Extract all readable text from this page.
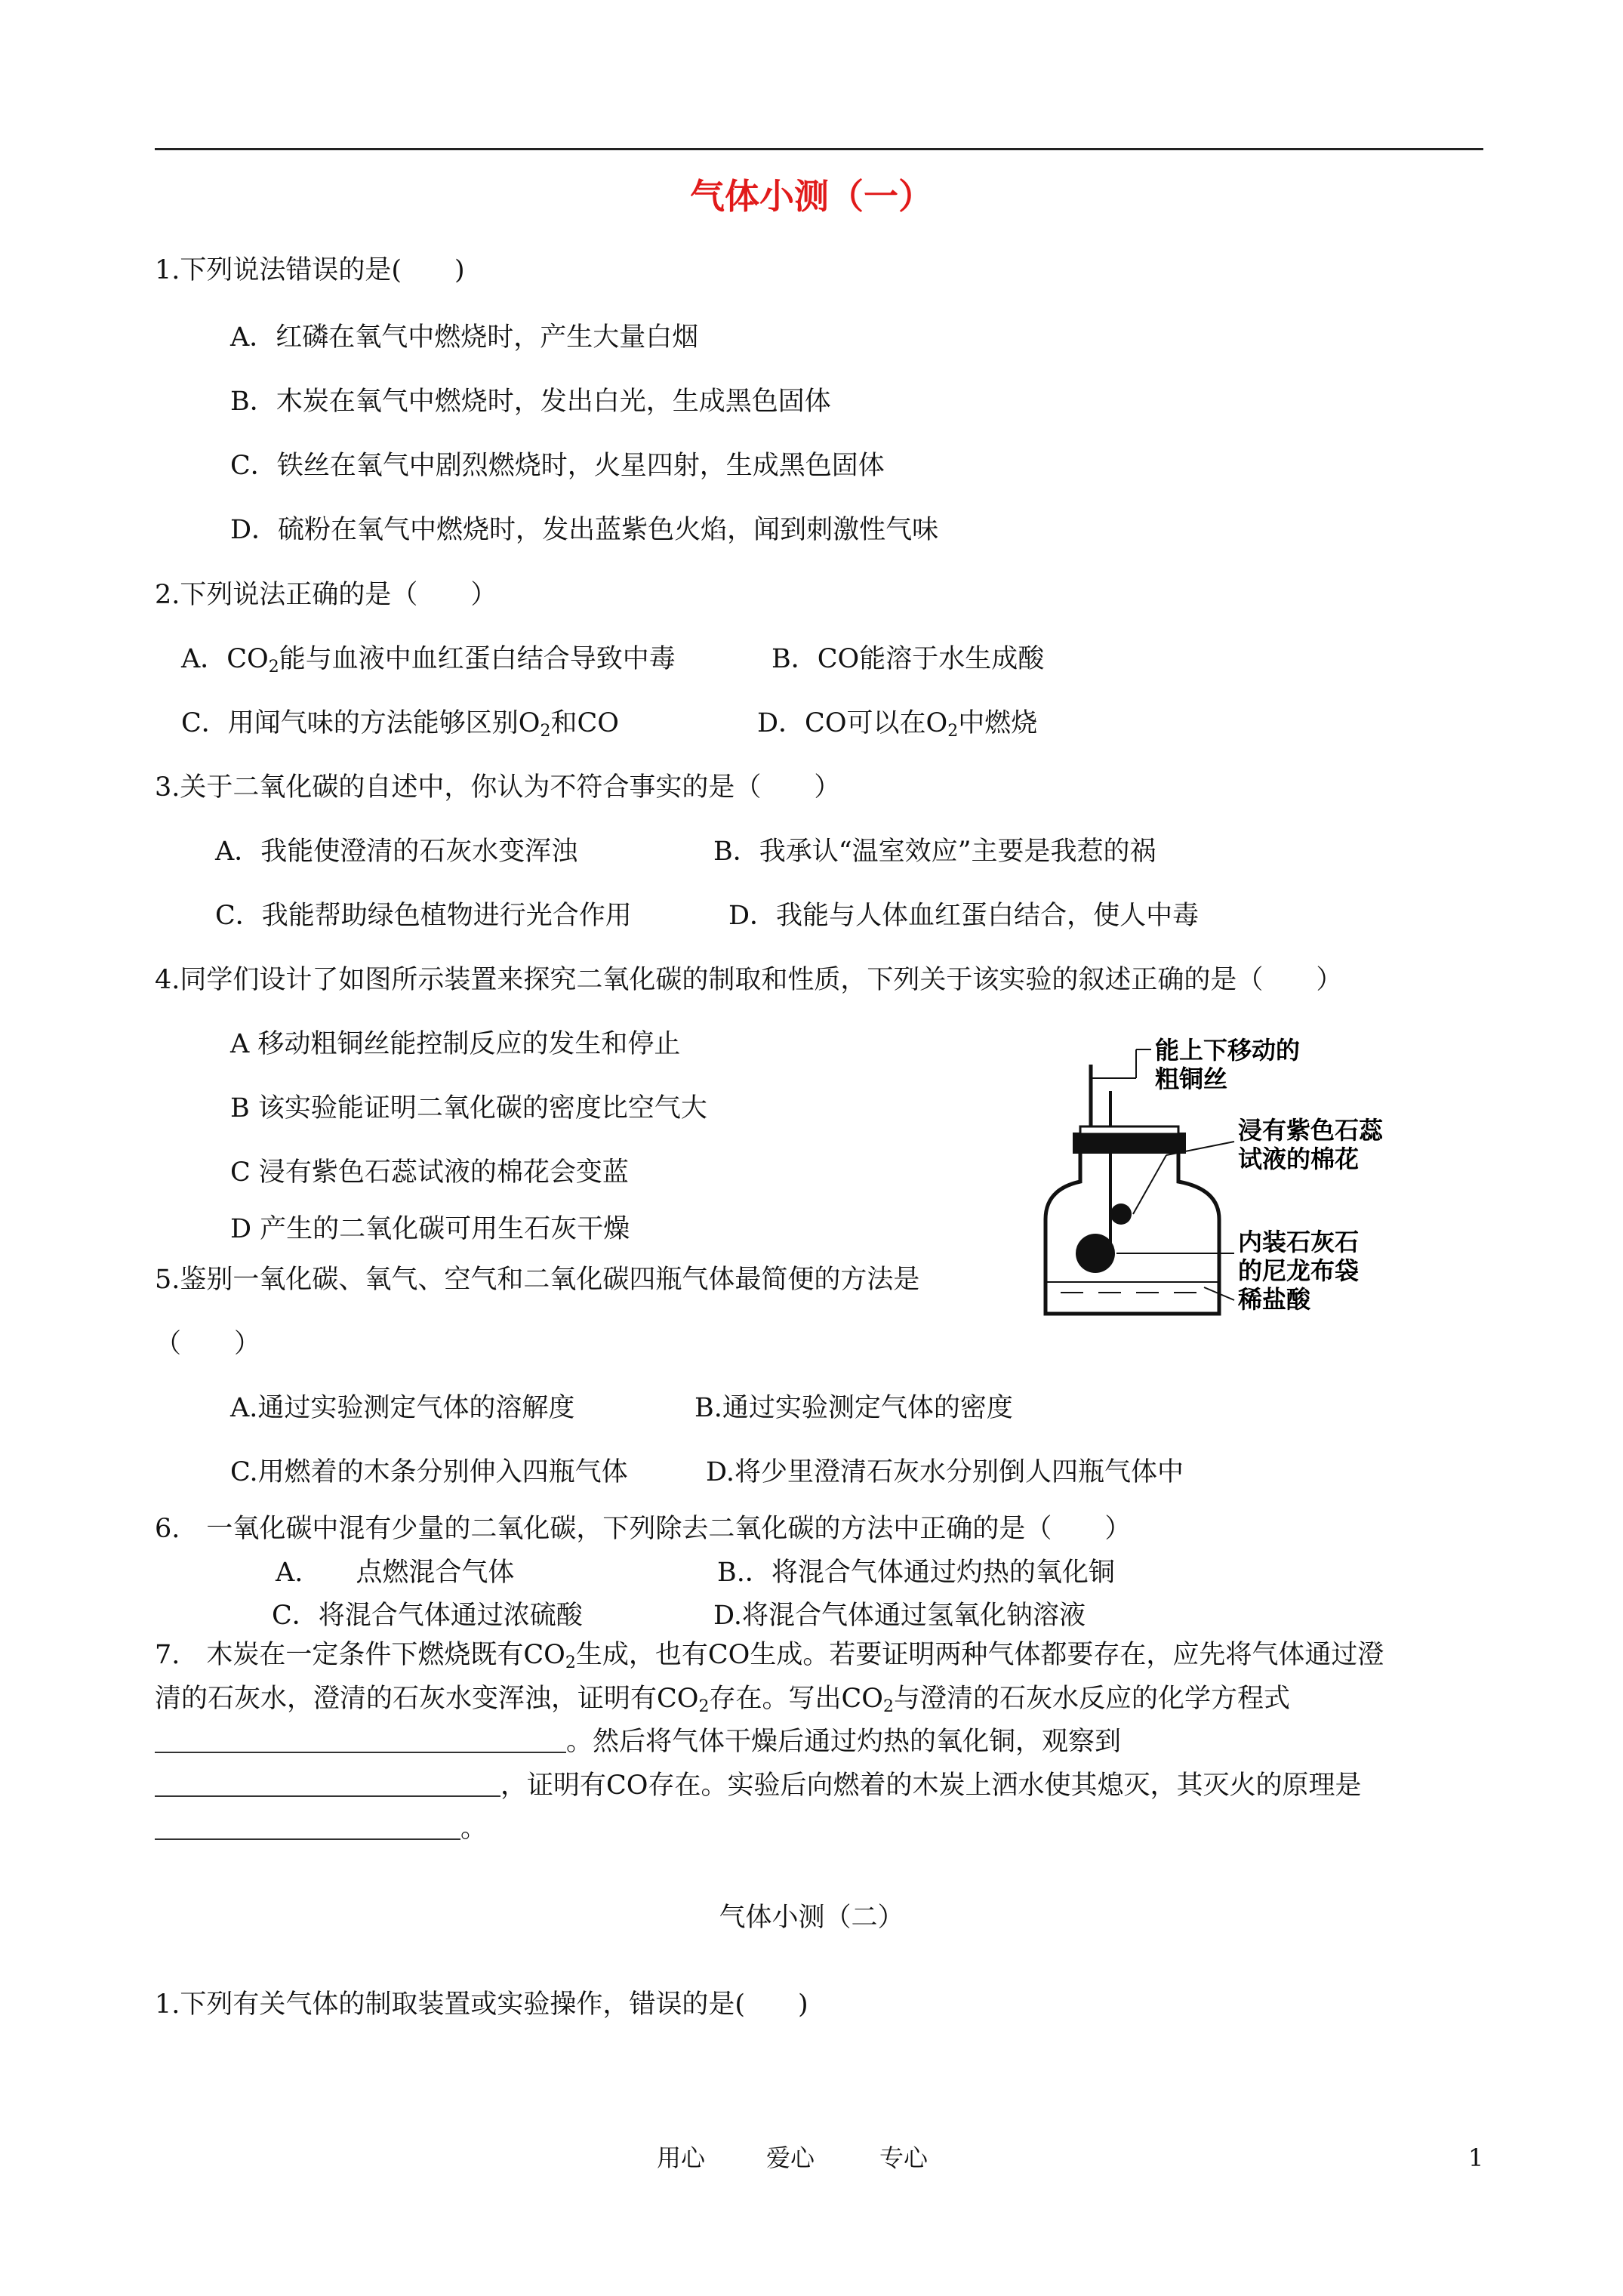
气体小测（一）
1.下列说法错误的是(　　)
A．红磷在氧气中燃烧时，产生大量白烟
B．木炭在氧气中燃烧时，发出白光，生成黑色固体
C．铁丝在氧气中剧烈燃烧时，火星四射，生成黑色固体
D．硫粉在氧气中燃烧时，发出蓝紫色火焰，闻到刺激性气味
2.下列说法正确的是（　　）
A．$CO_2$能与血液中血红蛋白结合导致中毒	B．CO能溶于水生成酸
C．用闻气味的方法能够区别$O_2$和CO	D．CO可以在$O_2$中燃烧
3.关于二氧化碳的自述中，你认为不符合事实的是（　　）
A．我能使澄清的石灰水变浑浊	B．我承认“温室效应”主要是我惹的祸
C．我能帮助绿色植物进行光合作用	D．我能与人体血红蛋白结合，使人中毒
4.同学们设计了如图所示装置来探究二氧化碳的制取和性质，下列关于该实验的叙述正确的是（　　）
A 移动粗铜丝能控制反应的发生和停止
B 该实验能证明二氧化碳的密度比空气大
C 浸有紫色石蕊试液的棉花会变蓝
D 产生的二氧化碳可用生石灰干燥
能上下移动的
粗铜丝
浸有紫色石蕊
试液的棉花
内装石灰石
的尼龙布袋
稀盐酸
5.鉴别一氧化碳、氧气、空气和二氧化碳四瓶气体最简便的方法是
（　　）
A.通过实验测定气体的溶解度	B.通过实验测定气体的密度
C.用燃着的木条分别伸入四瓶气体	D.将少里澄清石灰水分别倒人四瓶气体中
6.　一氧化碳中混有少量的二氧化碳，下列除去二氧化碳的方法中正确的是（　　）
A.　　点燃混合气体	B.．将混合气体通过灼热的氧化铜
C．将混合气体通过浓硫酸	D.将混合气体通过氢氧化钠溶液
7.　木炭在一定条件下燃烧既有$CO_2$生成，也有CO生成。若要证明两种气体都要存在，应先将气体通过澄
清的石灰水，澄清的石灰水变浑浊，证明有$CO_2$存在。写出$CO_2$与澄清的石灰水反应的化学方程式
。然后将气体干燥后通过灼热的氧化铜，观察到
，证明有CO存在。实验后向燃着的木炭上洒水使其熄灭，其灭火的原理是
。
气体小测（二）
1.下列有关气体的制取装置或实验操作，错误的是(　　)
用心	爱心	专心	1
